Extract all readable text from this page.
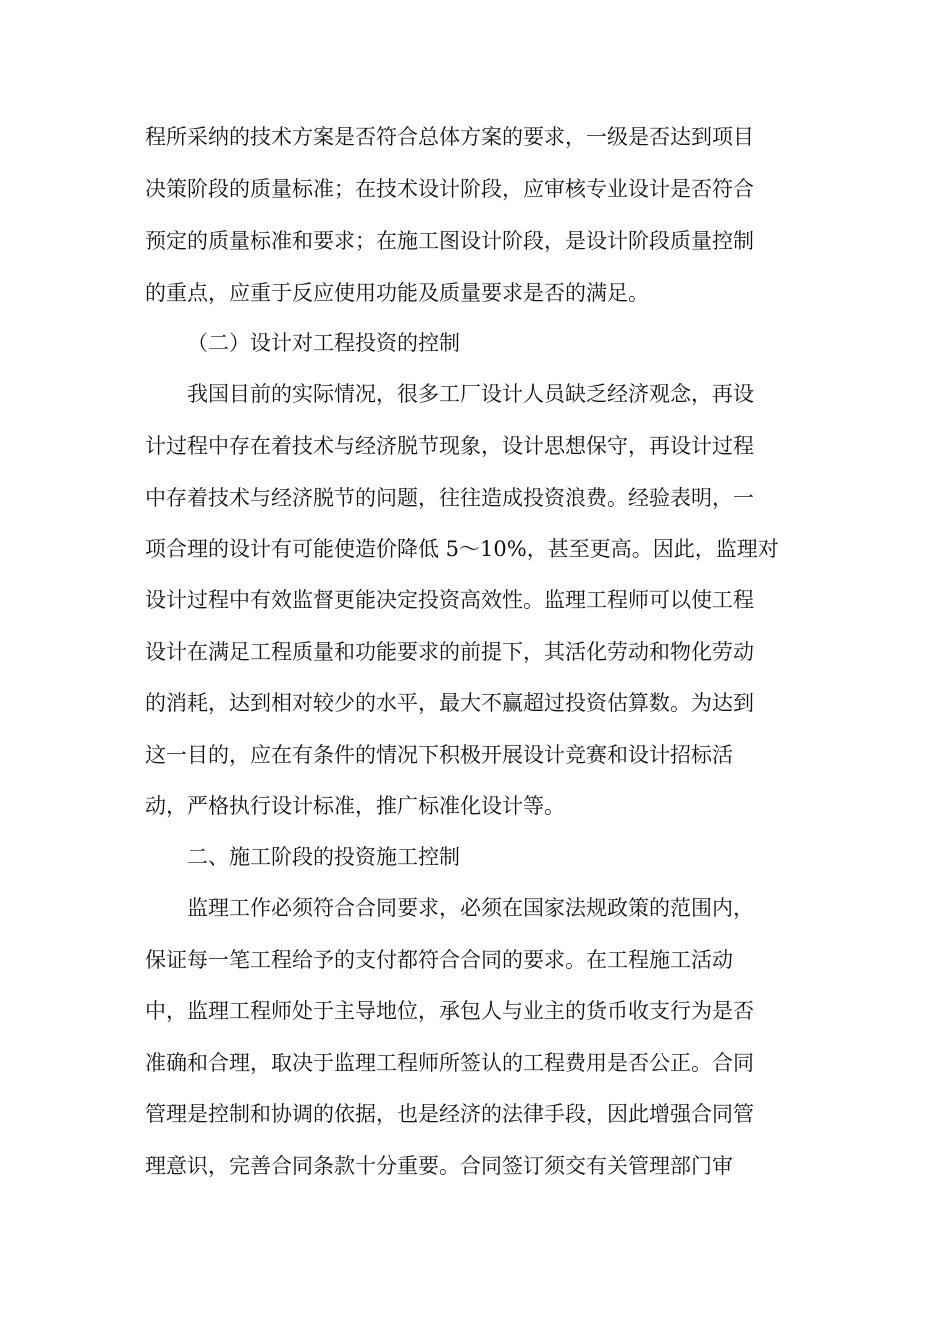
程所采纳的技术方案是否符合总体方案的要求，一级是否达到项目

决策阶段的质量标准；在技术设计阶段，应审核专业设计是否符合

预定的质量标准和要求；在施工图设计阶段，是设计阶段质量控制

的重点，应重于反应使用功能及质量要求是否的满足。

（二）设计对工程投资的控制

我国目前的实际情况，很多工厂设计人员缺乏经济观念，再设

计过程中存在着技术与经济脱节现象，设计思想保守，再设计过程

中存着技术与经济脱节的问题，往往造成投资浪费。经验表明，一

项合理的设计有可能使造价降低 5～10%，甚至更高。因此，监理对

设计过程中有效监督更能决定投资高效性。监理工程师可以使工程

设计在满足工程质量和功能要求的前提下，其活化劳动和物化劳动

的消耗，达到相对较少的水平，最大不赢超过投资估算数。为达到

这一目的，应在有条件的情况下积极开展设计竞赛和设计招标活

动，严格执行设计标准，推广标准化设计等。

二、施工阶段的投资施工控制

监理工作必须符合合同要求，必须在国家法规政策的范围内，

保证每一笔工程给予的支付都符合合同的要求。在工程施工活动

中，监理工程师处于主导地位，承包人与业主的货币收支行为是否

准确和合理，取决于监理工程师所签认的工程费用是否公正。合同

管理是控制和协调的依据，也是经济的法律手段，因此增强合同管

理意识，完善合同条款十分重要。合同签订须交有关管理部门审
